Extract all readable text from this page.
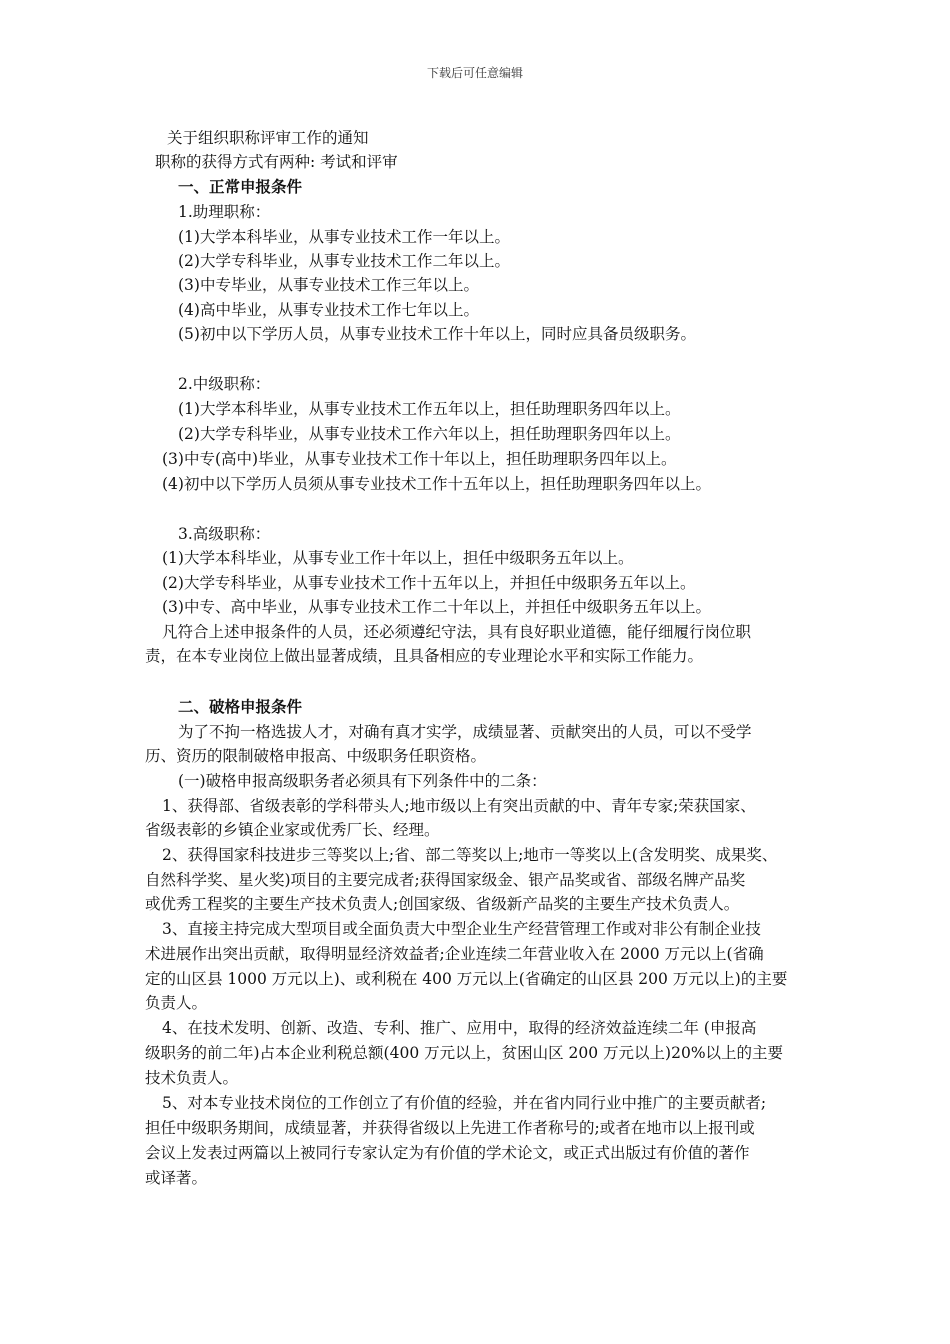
下载后可任意编辑
关于组织职称评审工作的通知
职称的获得方式有两种: 考试和评审
一、正常申报条件
1.助理职称：
(1)大学本科毕业，从事专业技术工作一年以上。
(2)大学专科毕业，从事专业技术工作二年以上。
(3)中专毕业，从事专业技术工作三年以上。
(4)高中毕业，从事专业技术工作七年以上。
(5)初中以下学历人员，从事专业技术工作十年以上，同时应具备员级职务。
2.中级职称：
(1)大学本科毕业，从事专业技术工作五年以上，担任助理职务四年以上。
(2)大学专科毕业，从事专业技术工作六年以上，担任助理职务四年以上。
(3)中专(高中)毕业，从事专业技术工作十年以上，担任助理职务四年以上。
(4)初中以下学历人员须从事专业技术工作十五年以上，担任助理职务四年以上。
3.高级职称：
(1)大学本科毕业，从事专业工作十年以上，担任中级职务五年以上。
(2)大学专科毕业，从事专业技术工作十五年以上，并担任中级职务五年以上。
(3)中专、高中毕业，从事专业技术工作二十年以上，并担任中级职务五年以上。
凡符合上述申报条件的人员，还必须遵纪守法，具有良好职业道德，能仔细履行岗位职
责，在本专业岗位上做出显著成绩，且具备相应的专业理论水平和实际工作能力。
二、破格申报条件
为了不拘一格选拔人才，对确有真才实学，成绩显著、贡献突出的人员，可以不受学
历、资历的限制破格申报高、中级职务任职资格。
(一)破格申报高级职务者必须具有下列条件中的二条：
1、获得部、省级表彰的学科带头人;地市级以上有突出贡献的中、青年专家;荣获国家、
省级表彰的乡镇企业家或优秀厂长、经理。
2、获得国家科技进步三等奖以上;省、部二等奖以上;地市一等奖以上(含发明奖、成果奖、
自然科学奖、星火奖)项目的主要完成者;获得国家级金、银产品奖或省、部级名牌产品奖
或优秀工程奖的主要生产技术负责人;创国家级、省级新产品奖的主要生产技术负责人。
3、直接主持完成大型项目或全面负责大中型企业生产经营管理工作或对非公有制企业技
术进展作出突出贡献，取得明显经济效益者;企业连续二年营业收入在 2000 万元以上(省确
定的山区县 1000 万元以上)、或利税在 400 万元以上(省确定的山区县 200 万元以上)的主要
负责人。
4、在技术发明、创新、改造、专利、推广、应用中，取得的经济效益连续二年 (申报高
级职务的前二年)占本企业利税总额(400 万元以上，贫困山区 200 万元以上)20%以上的主要
技术负责人。
5、对本专业技术岗位的工作创立了有价值的经验，并在省内同行业中推广的主要贡献者;
担任中级职务期间，成绩显著，并获得省级以上先进工作者称号的;或者在地市以上报刊或
会议上发表过两篇以上被同行专家认定为有价值的学术论文，或正式出版过有价值的著作
或译著。
